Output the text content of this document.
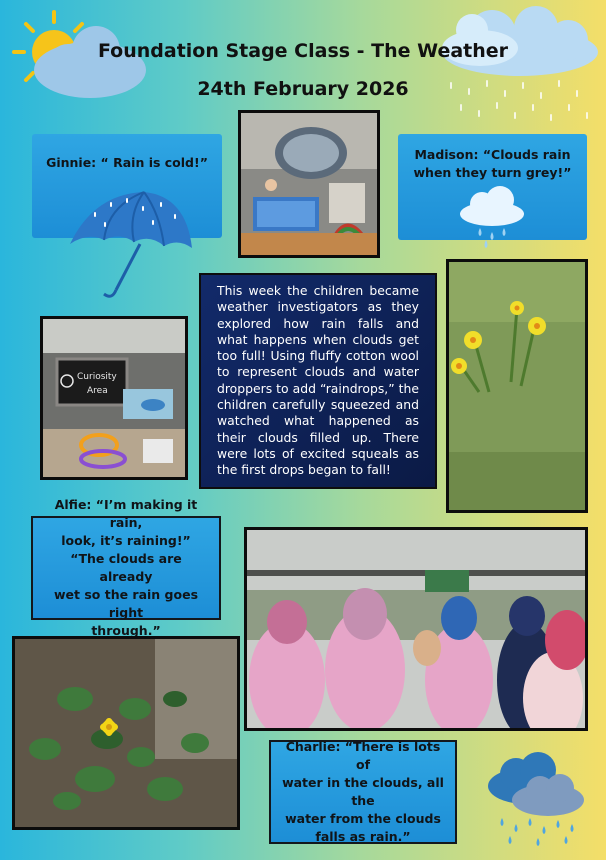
Foundation Stage Class - The Weather
24th February 2026
Ginnie: “ Rain is cold!”
Madison: “Clouds rain
when they turn grey!”
Curiosity
Area
This week the children became weather investigators as they explored how rain falls and what happens when clouds get too full! Using fluffy cotton wool to represent clouds and water droppers to add “raindrops,” the children carefully squeezed and watched what happened as their clouds filled up. There were lots of excited squeals as the first drops began to fall!
Alfie: “I’m making it rain,
look, it’s raining!”
“The clouds are already
wet so the rain goes right
through.”
Charlie: “There is lots of
water in the clouds, all the
water from the clouds
falls as rain.”
